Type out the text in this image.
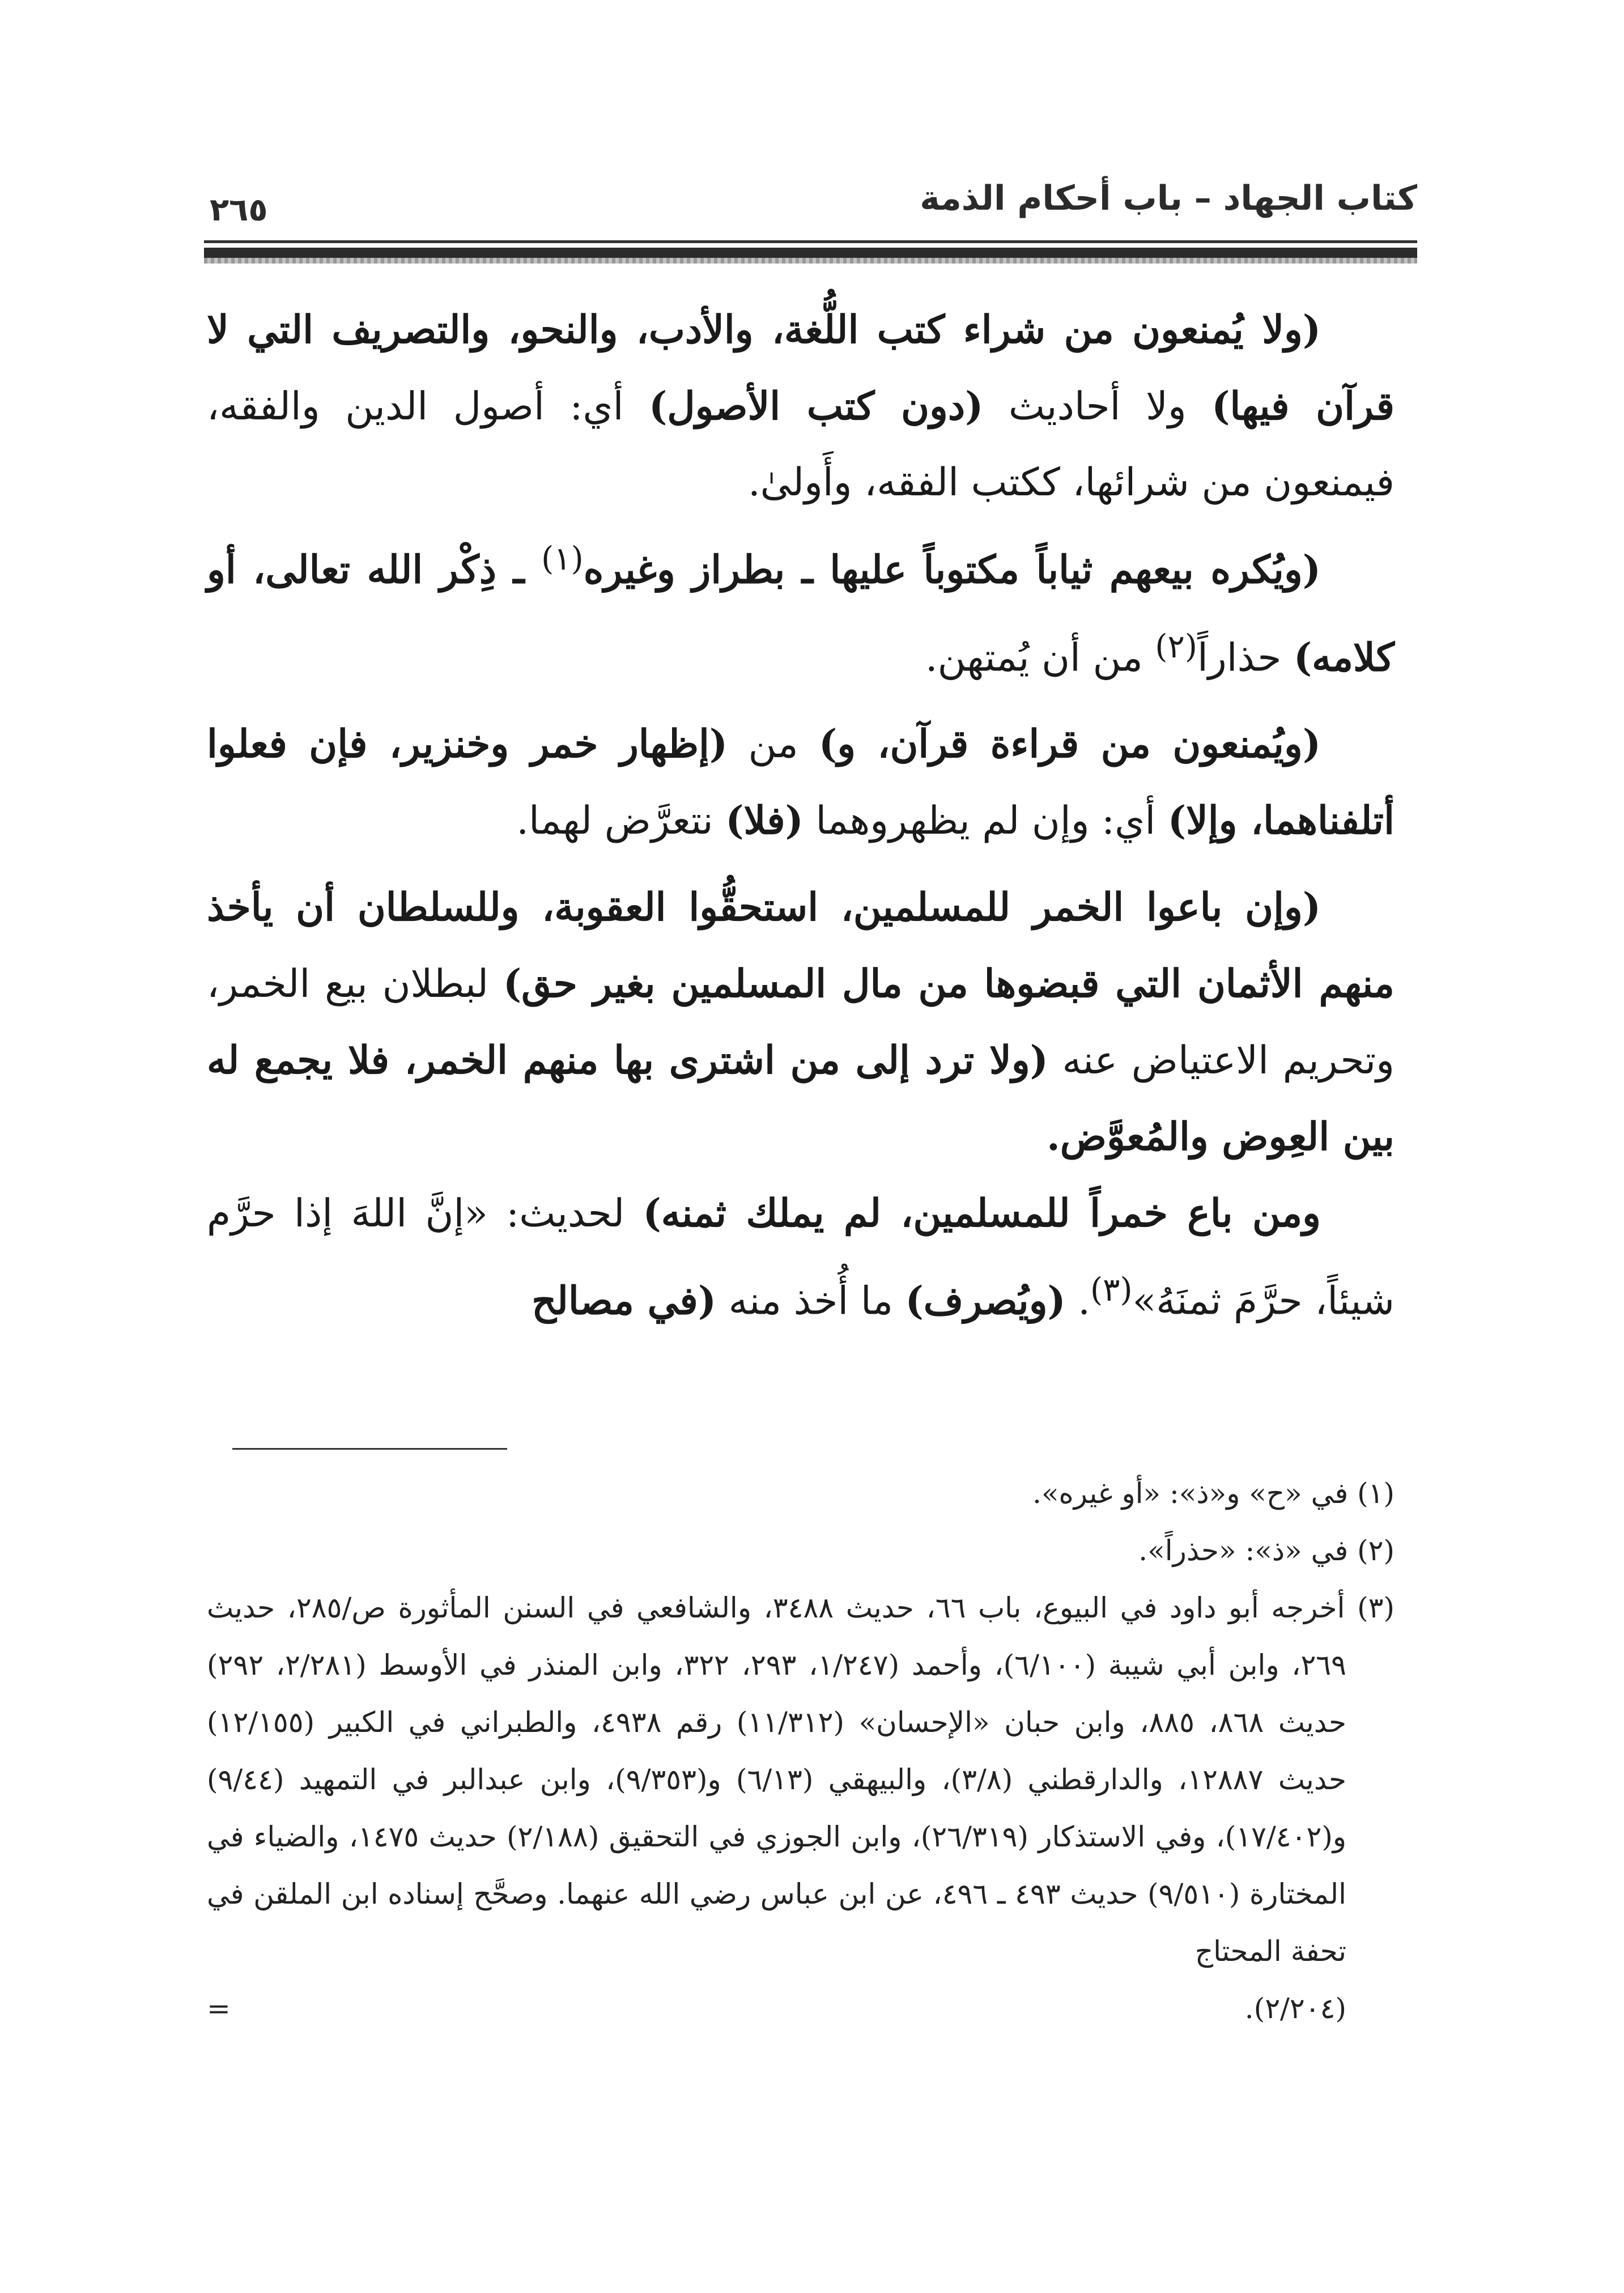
كتاب الجهاد – باب أحكام الذمة
٢٦٥

(ولا يُمنعون من شراء كتب اللُّغة، والأدب، والنحو، والتصريف التي لا قرآن فيها) ولا أحاديث (دون كتب الأصول) أي: أصول الدين والفقه، فيمنعون من شرائها، ككتب الفقه، وأَولىٰ.

(ويُكره بيعهم ثياباً مكتوباً عليها ـ بطراز وغيره$^{(١)}$ ـ ذِكْر الله تعالى، أو كلامه) حذاراً$^{(٢)}$ من أن يُمتهن.

(ويُمنعون من قراءة قرآن، و) من (إظهار خمر وخنزير، فإن فعلوا أتلفناهما، وإلا) أي: وإن لم يظهروهما (فلا) نتعرَّض لهما.

(وإن باعوا الخمر للمسلمين، استحقُّوا العقوبة، وللسلطان أن يأخذ منهم الأثمان التي قبضوها من مال المسلمين بغير حق) لبطلان بيع الخمر، وتحريم الاعتياض عنه (ولا ترد إلى من اشترى بها منهم الخمر، فلا يجمع له بين العِوض والمُعوَّض.

ومن باع خمراً للمسلمين، لم يملك ثمنه) لحديث: «إنَّ اللهَ إذا حرَّم شيئاً، حرَّمَ ثمنَهُ»$^{(٣)}$. (ويُصرف) ما أُخذ منه (في مصالح

(١) في «ح» و«ذ»: «أو غيره».

(٢) في «ذ»: «حذراً».

(٣) أخرجه أبو داود في البيوع، باب ٦٦، حديث ٣٤٨٨، والشافعي في السنن المأثورة ص/٢٨٥، حديث ٢٦٩، وابن أبي شيبة (٦/١٠٠)، وأحمد (١/٢٤٧، ٢٩٣، ٣٢٢، وابن المنذر في الأوسط (٢/٢٨١، ٢٩٢) حديث ٨٦٨، ٨٨٥، وابن حبان «الإحسان» (١١/٣١٢) رقم ٤٩٣٨، والطبراني في الكبير (١٢/١٥٥) حديث ١٢٨٨٧، والدارقطني (٣/٨)، والبيهقي (٦/١٣) و(٩/٣٥٣)، وابن عبدالبر في التمهيد (٩/٤٤) و(١٧/٤٠٢)، وفي الاستذكار (٢٦/٣١٩)، وابن الجوزي في التحقيق (٢/١٨٨) حديث ١٤٧٥، والضياء في المختارة (٩/٥١٠) حديث ٤٩٣ ـ ٤٩٦، عن ابن عباس رضي الله عنهما. وصحَّح إسناده ابن الملقن في تحفة المحتاج

(٢/٢٠٤).
=
